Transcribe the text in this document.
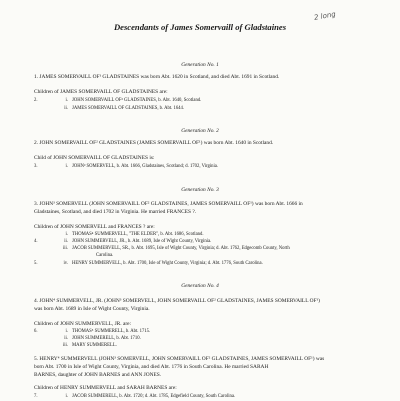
Descendants of James Somervaill of Gladstaines
2 long
Generation No. 1
1. JAMES SOMERVAILL OF¹ GLADSTAINES was born Abt. 1620 in Scotland, and died Abt. 1691 in Scotland.
Children of JAMES SOMERVAILL OF GLADSTAINES are:
2.	i. JOHN SOMERVAILL OF² GLADSTAINES, b. Abt. 1640, Scotland.
ii. JAMES SOMERVAILL OF GLADSTAINES, b. Abt. 1644.
Generation No. 2
2. JOHN SOMERVAILL OF² GLADSTAINES (JAMES SOMERVAILL OF¹) was born Abt. 1640 in Scotland.
Child of JOHN SOMERVAILL OF GLADSTAINES is:
3.	i. JOHN³ SOMERVELL, b. Abt. 1666, Gladstaines, Scotland; d. 1702, Virginia.
Generation No. 3
3. JOHN³ SOMERVELL (JOHN SOMERVAILL OF² GLADSTAINES, JAMES SOMERVAILL OF¹) was born Abt. 1666 in
Gladstaines, Scotland, and died 1702 in Virginia. He married FRANCES ?.
Children of JOHN SOMERVELL and FRANCES ? are:
i. THOMAS⁴ SUMMERVELL, "THE ELDER", b. Abt. 1686, Scotland.
4.	ii. JOHN SUMMERVELL, JR., b. Abt. 1689, Isle of Wight County, Virginia.
iii. JACOB SUMMERVELL, SR., b. Abt. 1695, Isle of Wight County, Virginia; d. Abt. 1762, Edgecomb County, North
Carolina.
5.	iv. HENRY SUMMERVELL, b. Abt. 1700, Isle of Wight County, Virginia; d. Abt. 1776, South Carolina.
Generation No. 4
4. JOHN⁴ SUMMERVELL, JR. (JOHN³ SOMERVELL, JOHN SOMERVAILL OF² GLADSTAINES, JAMES SOMERVAILL OF¹)
was born Abt. 1689 in Isle of Wight County, Virginia.
Children of JOHN SUMMERVELL, JR. are:
6.	i. THOMAS⁵ SUMMERELL, b. Abt. 1715.
ii. JOHN SUMMERELL, b. Abt. 1710.
iii. MARY SUMMERELL.
5. HENRY⁴ SUMMERVELL (JOHN³ SOMERVELL, JOHN SOMERVAILL OF² GLADSTAINES, JAMES SOMERVAILL OF¹) was
born Abt. 1700 in Isle of Wight County, Virginia, and died Abt. 1776 in South Carolina. He married SARAH
BARNES, daughter of JOHN BARNES and ANN JONES.
Children of HENRY SUMMERVELL and SARAH BARNES are:
7.	i. JACOB SUMMERELL, b. Abt. 1720; d. Abt. 1785, Edgefield County, South Carolina.
